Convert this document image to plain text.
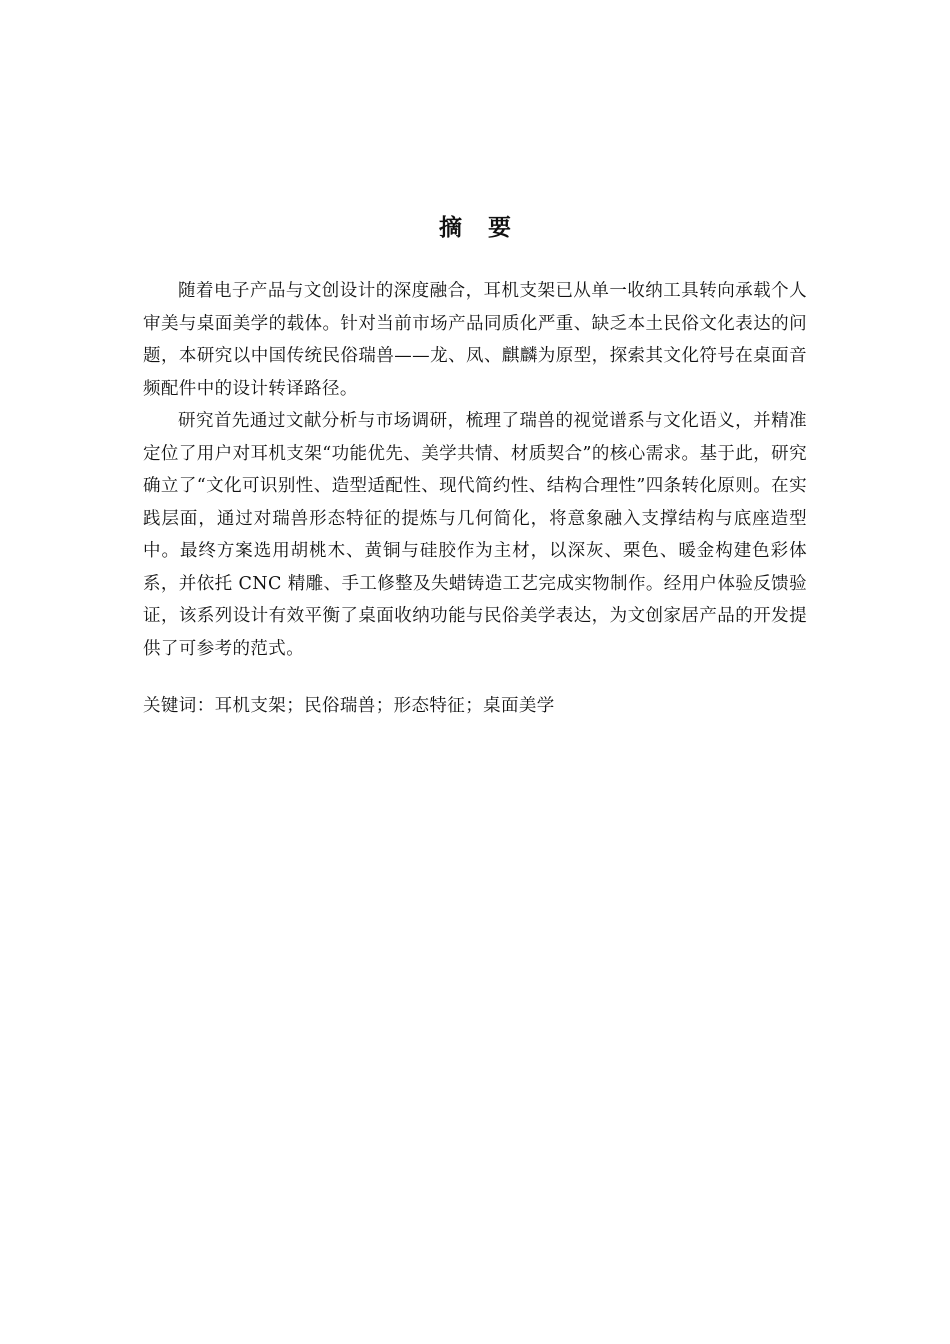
摘 要

随着电子产品与文创设计的深度融合，耳机支架已从单一收纳工具转向承载个人审美与桌面美学的载体。针对当前市场产品同质化严重、缺乏本土民俗文化表达的问题，本研究以中国传统民俗瑞兽——龙、凤、麒麟为原型，探索其文化符号在桌面音频配件中的设计转译路径。

研究首先通过文献分析与市场调研，梳理了瑞兽的视觉谱系与文化语义，并精准定位了用户对耳机支架“功能优先、美学共情、材质契合”的核心需求。基于此，研究确立了“文化可识别性、造型适配性、现代简约性、结构合理性”四条转化原则。在实践层面，通过对瑞兽形态特征的提炼与几何简化，将意象融入支撑结构与底座造型中。最终方案选用胡桃木、黄铜与硅胶作为主材，以深灰、栗色、暖金构建色彩体系，并依托 CNC 精雕、手工修整及失蜡铸造工艺完成实物制作。经用户体验反馈验证，该系列设计有效平衡了桌面收纳功能与民俗美学表达，为文创家居产品的开发提供了可参考的范式。

关键词：耳机支架；民俗瑞兽；形态特征；桌面美学
